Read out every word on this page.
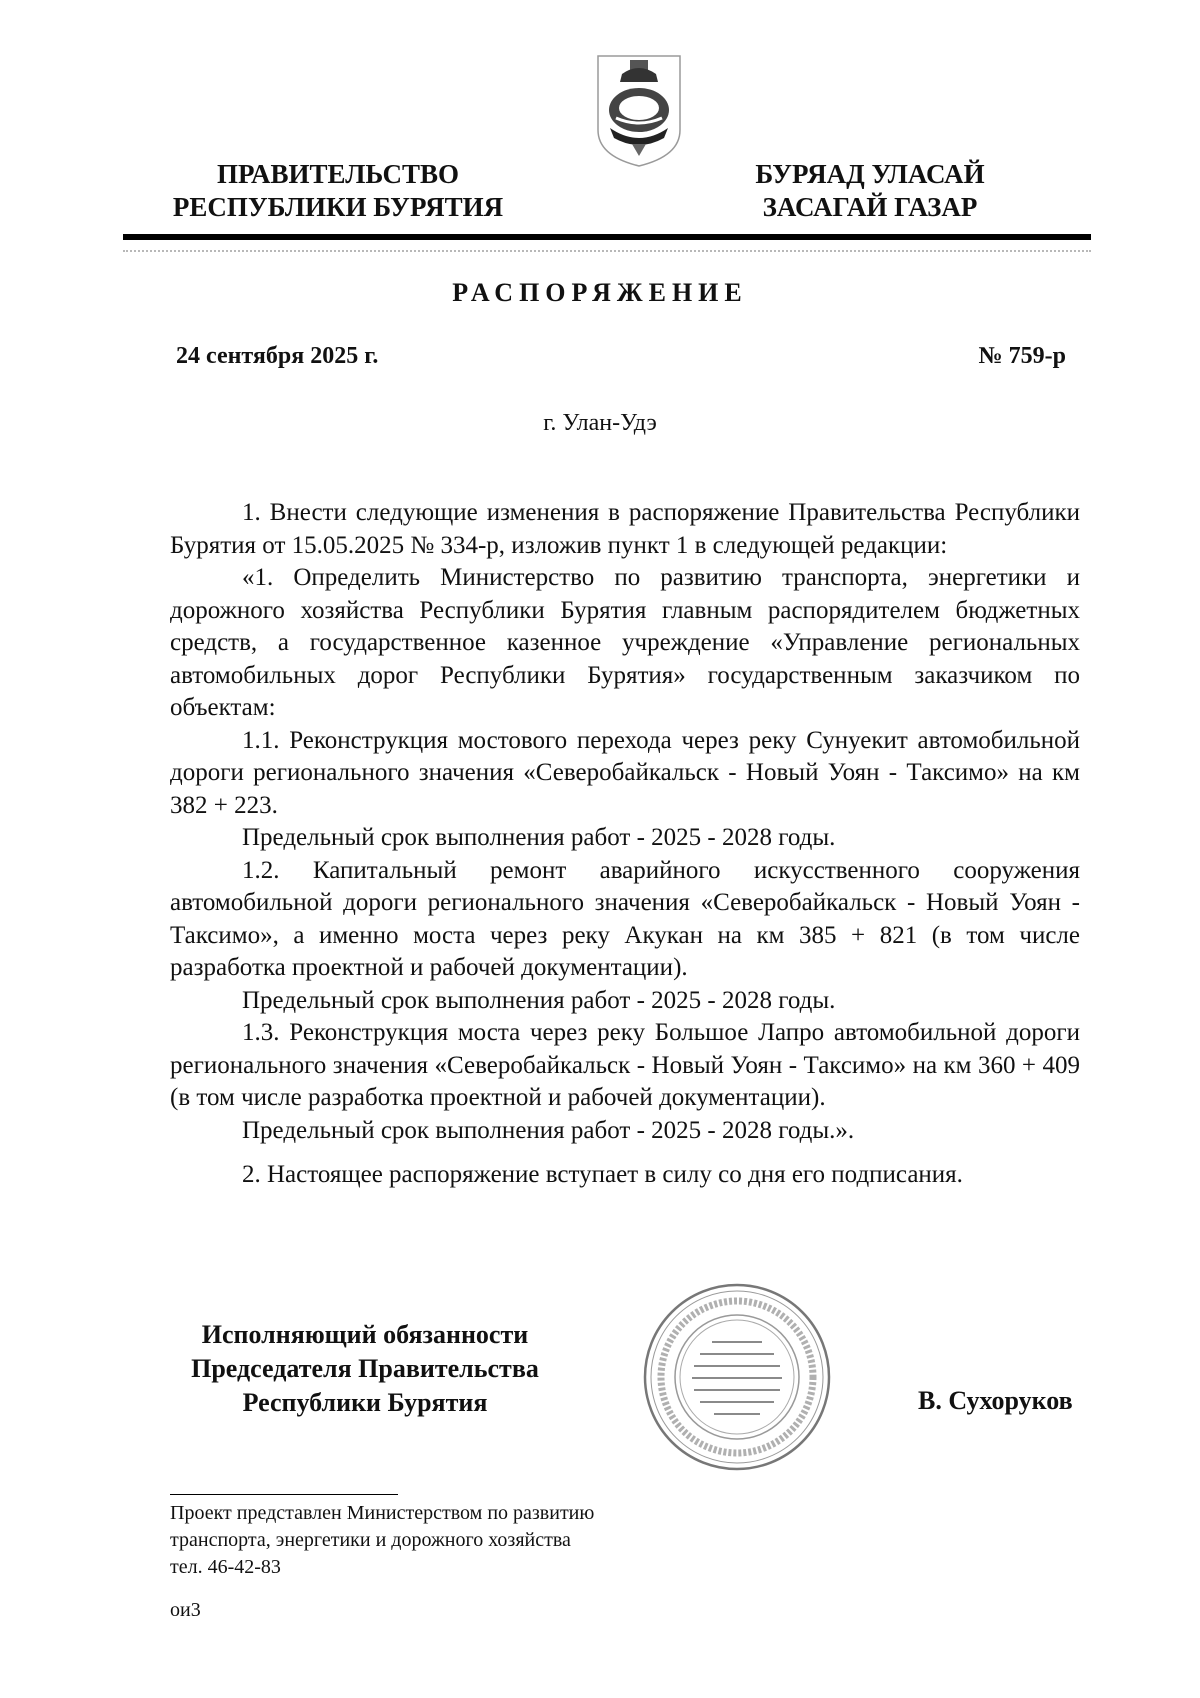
ПРАВИТЕЛЬСТВО
РЕСПУБЛИКИ БУРЯТИЯ
БУРЯАД УЛАСАЙ
ЗАСАГАЙ ГАЗАР
РАСПОРЯЖЕНИЕ
24 сентября 2025 г.	№ 759-р
г. Улан-Удэ

1. Внести следующие изменения в распоряжение Правительства Республики Бурятия от 15.05.2025 № 334-р, изложив пункт 1 в следующей редакции:

«1. Определить Министерство по развитию транспорта, энергетики и дорожного хозяйства Республики Бурятия главным распорядителем бюджетных средств, а государственное казенное учреждение «Управление региональных автомобильных дорог Республики Бурятия» государственным заказчиком по объектам:

1.1. Реконструкция мостового перехода через реку Сунуекит автомобильной дороги регионального значения «Северобайкальск - Новый Уоян - Таксимо» на км 382 + 223.

Предельный срок выполнения работ - 2025 - 2028 годы.

1.2. Капитальный ремонт аварийного искусственного сооружения автомобильной дороги регионального значения «Северобайкальск - Новый Уоян - Таксимо», а именно моста через реку Акукан на км 385 + 821 (в том числе разработка проектной и рабочей документации).

Предельный срок выполнения работ - 2025 - 2028 годы.

1.3. Реконструкция моста через реку Большое Лапро автомобильной дороги регионального значения «Северобайкальск - Новый Уоян - Таксимо» на км 360 + 409 (в том числе разработка проектной и рабочей документации).

Предельный срок выполнения работ - 2025 - 2028 годы.».

2. Настоящее распоряжение вступает в силу со дня его подписания.

Исполняющий обязанности
Председателя Правительства
Республики Бурятия	В. Сухоруков
Проект представлен Министерством по развитию
транспорта, энергетики и дорожного хозяйства
тел. 46-42-83
ои3
